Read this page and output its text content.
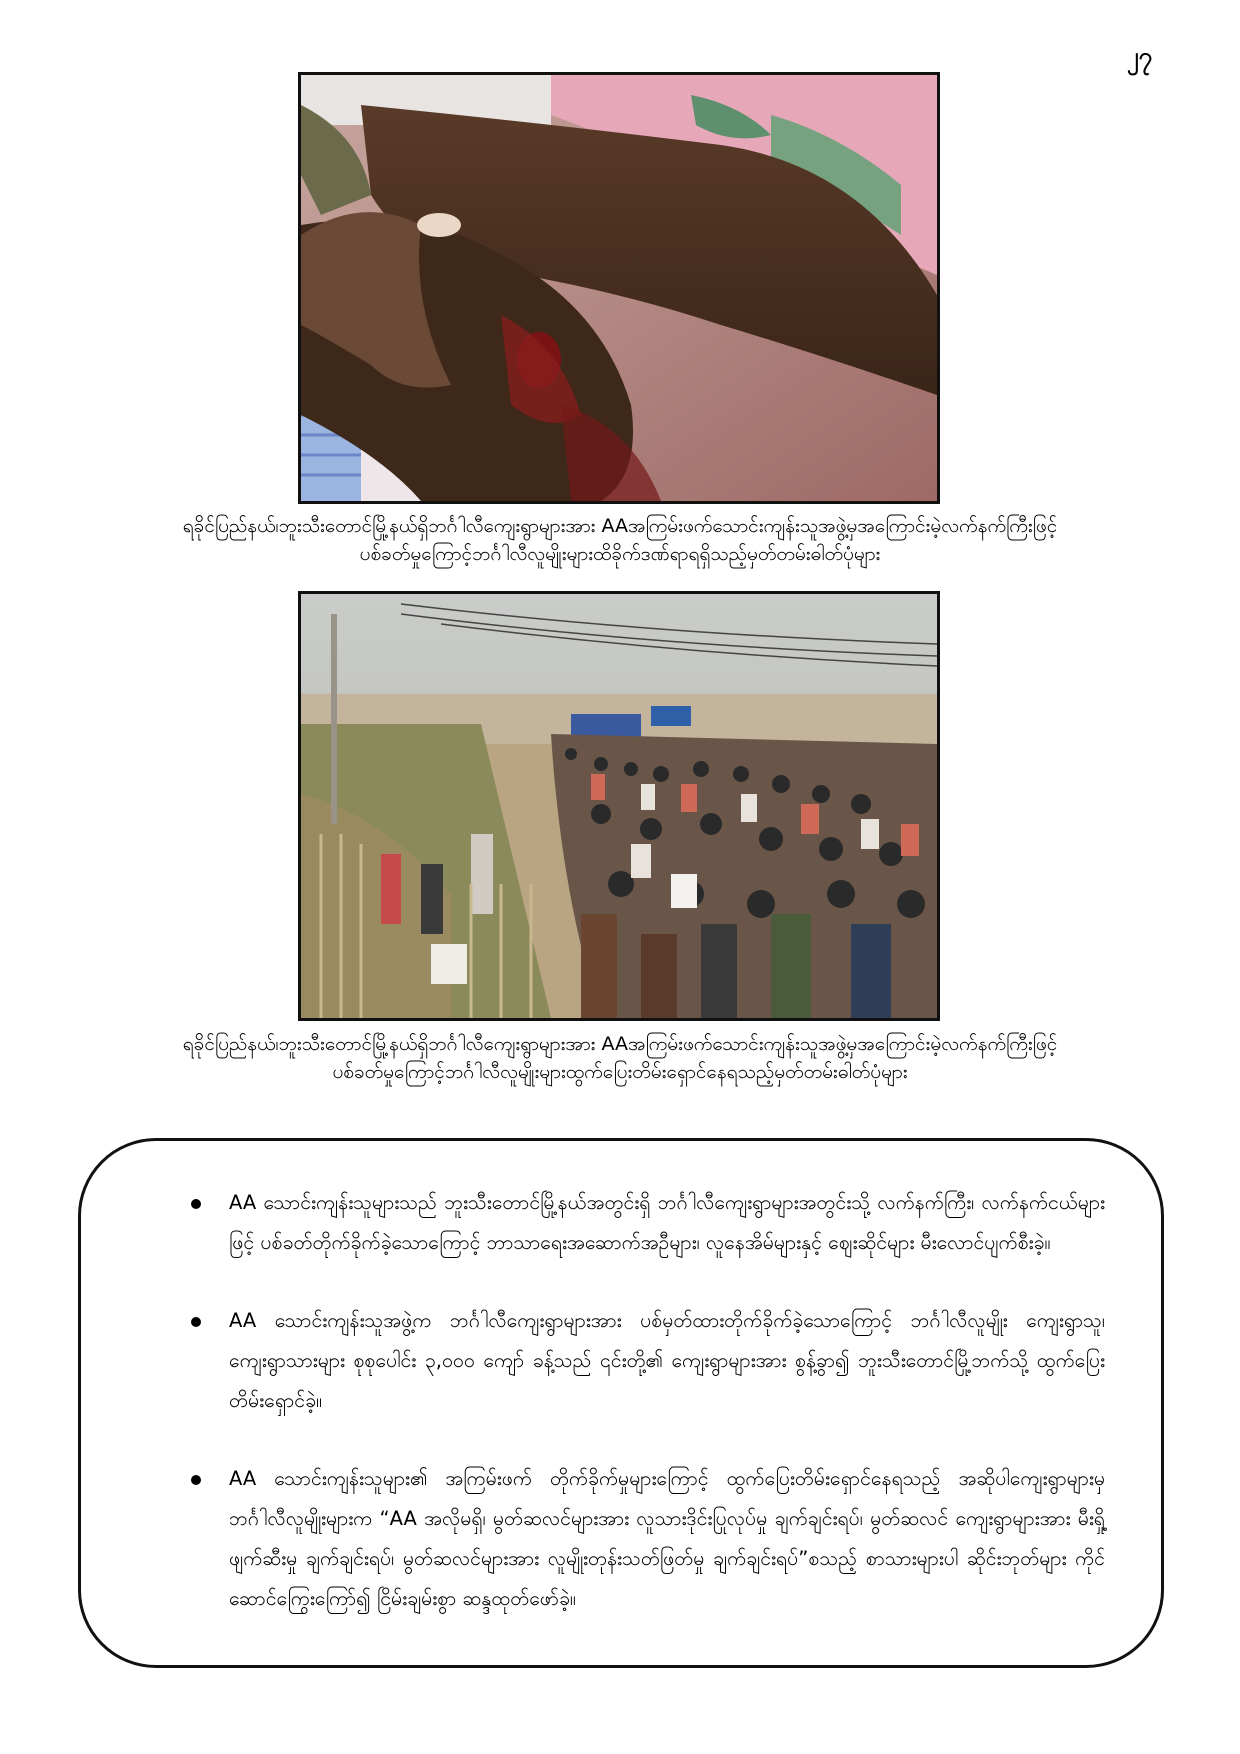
၂၇

ရခိုင်ပြည်နယ်၊ဘူးသီးတောင်မြို့နယ်ရှိဘင်္ဂါလီကျေးရွာများအား AAအကြမ်းဖက်သောင်းကျန်းသူအဖွဲ့မှအကြောင်းမဲ့လက်နက်ကြီးဖြင့်
ပစ်ခတ်မှုကြောင့်ဘင်္ဂါလီလူမျိုးများထိခိုက်ဒဏ်ရာရရှိသည့်မှတ်တမ်းဓါတ်ပုံများ

ရခိုင်ပြည်နယ်၊ဘူးသီးတောင်မြို့နယ်ရှိဘင်္ဂါလီကျေးရွာများအား AAအကြမ်းဖက်သောင်းကျန်းသူအဖွဲ့မှအကြောင်းမဲ့လက်နက်ကြီးဖြင့်
ပစ်ခတ်မှုကြောင့်ဘင်္ဂါလီလူမျိုးများထွက်ပြေးတိမ်းရှောင်နေရသည့်မှတ်တမ်းဓါတ်ပုံများ

AA သောင်းကျန်းသူများသည် ဘူးသီးတောင်မြို့နယ်အတွင်းရှိ ဘင်္ဂါလီကျေးရွာများအတွင်းသို့ လက်နက်ကြီး၊ လက်နက်ငယ်များဖြင့် ပစ်ခတ်တိုက်ခိုက်ခဲ့သောကြောင့် ဘာသာရေးအဆောက်အဦများ၊ လူနေအိမ်များနှင့် ဈေးဆိုင်များ မီးလောင်ပျက်စီးခဲ့။
AA သောင်းကျန်းသူအဖွဲ့က ဘင်္ဂါလီကျေးရွာများအား ပစ်မှတ်ထားတိုက်ခိုက်ခဲ့သောကြောင့် ဘင်္ဂါလီလူမျိုး ကျေးရွာသူ၊ ကျေးရွာသားများ စုစုပေါင်း ၃,၀၀၀ ကျော် ခန့်သည် ၎င်းတို့၏ ကျေးရွာများအား စွန့်ခွာ၍ ဘူးသီးတောင်မြို့ဘက်သို့ ထွက်ပြေးတိမ်းရှောင်ခဲ့။
AA သောင်းကျန်းသူများ၏ အကြမ်းဖက် တိုက်ခိုက်မှုများကြောင့် ထွက်ပြေးတိမ်းရှောင်နေရသည့် အဆိုပါကျေးရွာများမှ ဘင်္ဂါလီလူမျိုးများက “AA အလိုမရှိ၊ မွတ်ဆလင်များအား လူသားဒိုင်းပြုလုပ်မှု ချက်ချင်းရပ်၊ မွတ်ဆလင် ကျေးရွာများအား မီးရှို့ဖျက်ဆီးမှု ချက်ချင်းရပ်၊ မွတ်ဆလင်များအား လူမျိုးတုန်းသတ်ဖြတ်မှု ချက်ချင်းရပ်”စသည့် စာသားများပါ ဆိုင်းဘုတ်များ ကိုင်ဆောင်ကြွေးကြော်၍ ငြိမ်းချမ်းစွာ ဆန္ဒထုတ်ဖော်ခဲ့။
